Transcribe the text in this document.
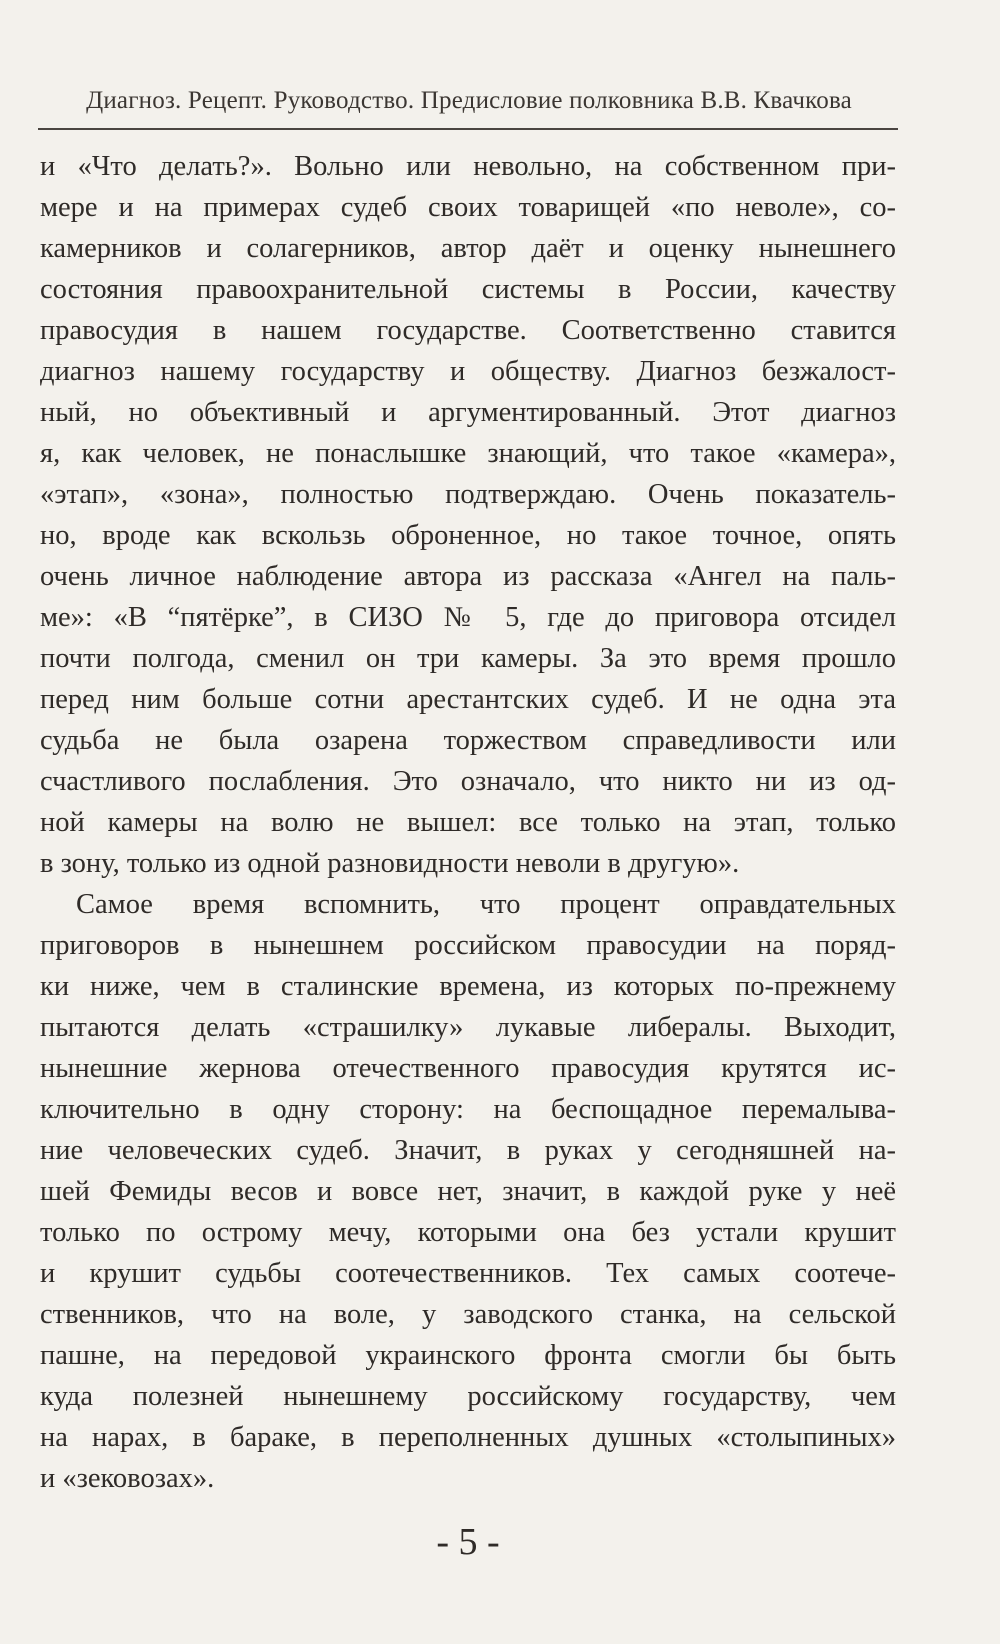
Диагноз. Рецепт. Руководство. Предисловие полковника В.В. Квачкова
и «Что делать?». Вольно или невольно, на собственном при-
мере и на примерах судеб своих товарищей «по неволе», со-
камерников и солагерников, автор даёт и оценку нынешнего
состояния правоохранительной системы в России, качеству
правосудия в нашем государстве. Соответственно ставится
диагноз нашему государству и обществу. Диагноз безжалост-
ный, но объективный и аргументированный. Этот диагноз
я, как человек, не понаслышке знающий, что такое «камера»,
«этап», «зона», полностью подтверждаю. Очень показатель-
но, вроде как вскользь оброненное, но такое точное, опять
очень личное наблюдение автора из рассказа «Ангел на паль-
ме»: «В “пятёрке”, в СИЗО № 5, где до приговора отсидел
почти полгода, сменил он три камеры. За это время прошло
перед ним больше сотни арестантских судеб. И не одна эта
судьба не была озарена торжеством справедливости или
счастливого послабления. Это означало, что никто ни из од-
ной камеры на волю не вышел: все только на этап, только
в зону, только из одной разновидности неволи в другую».
Самое время вспомнить, что процент оправдательных
приговоров в нынешнем российском правосудии на поряд-
ки ниже, чем в сталинские времена, из которых по-прежнему
пытаются делать «страшилку» лукавые либералы. Выходит,
нынешние жернова отечественного правосудия крутятся ис-
ключительно в одну сторону: на беспощадное перемалыва-
ние человеческих судеб. Значит, в руках у сегодняшней на-
шей Фемиды весов и вовсе нет, значит, в каждой руке у неё
только по острому мечу, которыми она без устали крушит
и крушит судьбы соотечественников. Тех самых соотече-
ственников, что на воле, у заводского станка, на сельской
пашне, на передовой украинского фронта смогли бы быть
куда полезней нынешнему российскому государству, чем
на нарах, в бараке, в переполненных душных «столыпиных»
и «зековозах».
- 5 -
